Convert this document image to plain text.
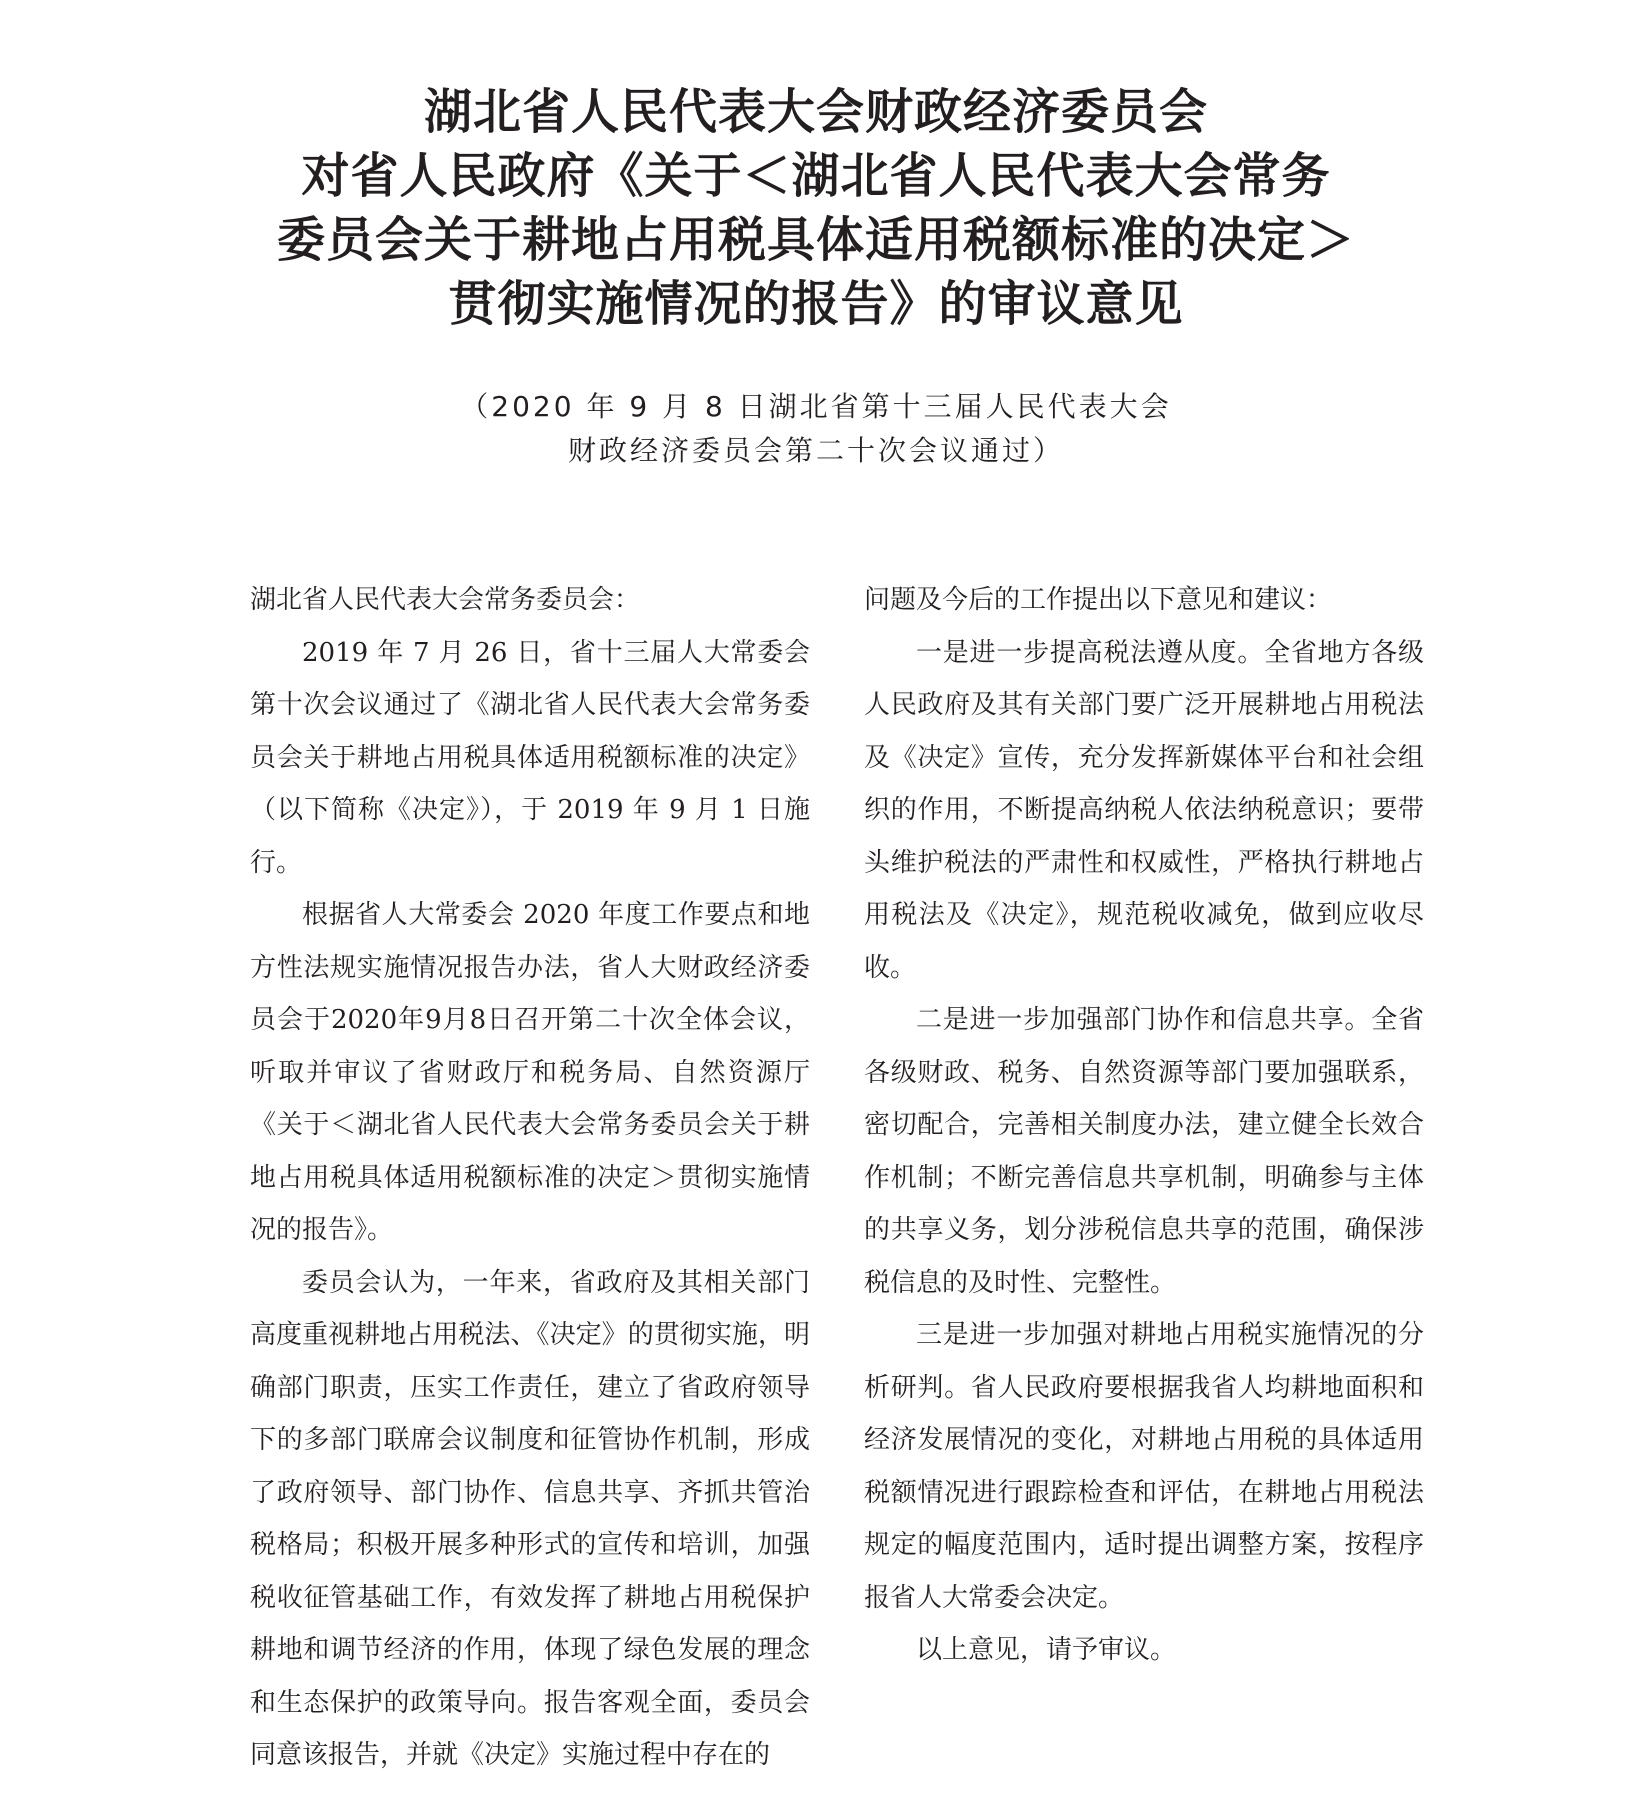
湖北省人民代表大会财政经济委员会
对省人民政府《关于＜湖北省人民代表大会常务
委员会关于耕地占用税具体适用税额标准的决定＞
贯彻实施情况的报告》的审议意见
（2020 年 9 月 8 日湖北省第十三届人民代表大会
财政经济委员会第二十次会议通过）

湖北省人民代表大会常务委员会：

2019 年 7 月 26 日，省十三届人大常委会第十次会议通过了《湖北省人民代表大会常务委员会关于耕地占用税具体适用税额标准的决定》（以下简称《决定》），于 2019 年 9 月 1 日施行。

根据省人大常委会 2020 年度工作要点和地方性法规实施情况报告办法，省人大财政经济委员会于2020年9月8日召开第二十次全体会议，听取并审议了省财政厅和税务局、自然资源厅《关于＜湖北省人民代表大会常务委员会关于耕地占用税具体适用税额标准的决定＞贯彻实施情况的报告》。

委员会认为，一年来，省政府及其相关部门高度重视耕地占用税法、《决定》的贯彻实施，明确部门职责，压实工作责任，建立了省政府领导下的多部门联席会议制度和征管协作机制，形成了政府领导、部门协作、信息共享、齐抓共管治税格局；积极开展多种形式的宣传和培训，加强税收征管基础工作，有效发挥了耕地占用税保护耕地和调节经济的作用，体现了绿色发展的理念和生态保护的政策导向。报告客观全面，委员会同意该报告，并就《决定》实施过程中存在的

问题及今后的工作提出以下意见和建议：

一是进一步提高税法遵从度。全省地方各级人民政府及其有关部门要广泛开展耕地占用税法及《决定》宣传，充分发挥新媒体平台和社会组织的作用，不断提高纳税人依法纳税意识；要带头维护税法的严肃性和权威性，严格执行耕地占用税法及《决定》，规范税收减免，做到应收尽收。

二是进一步加强部门协作和信息共享。全省各级财政、税务、自然资源等部门要加强联系，密切配合，完善相关制度办法，建立健全长效合作机制；不断完善信息共享机制，明确参与主体的共享义务，划分涉税信息共享的范围，确保涉税信息的及时性、完整性。

三是进一步加强对耕地占用税实施情况的分析研判。省人民政府要根据我省人均耕地面积和经济发展情况的变化，对耕地占用税的具体适用税额情况进行跟踪检查和评估，在耕地占用税法规定的幅度范围内，适时提出调整方案，按程序报省人大常委会决定。

以上意见，请予审议。
